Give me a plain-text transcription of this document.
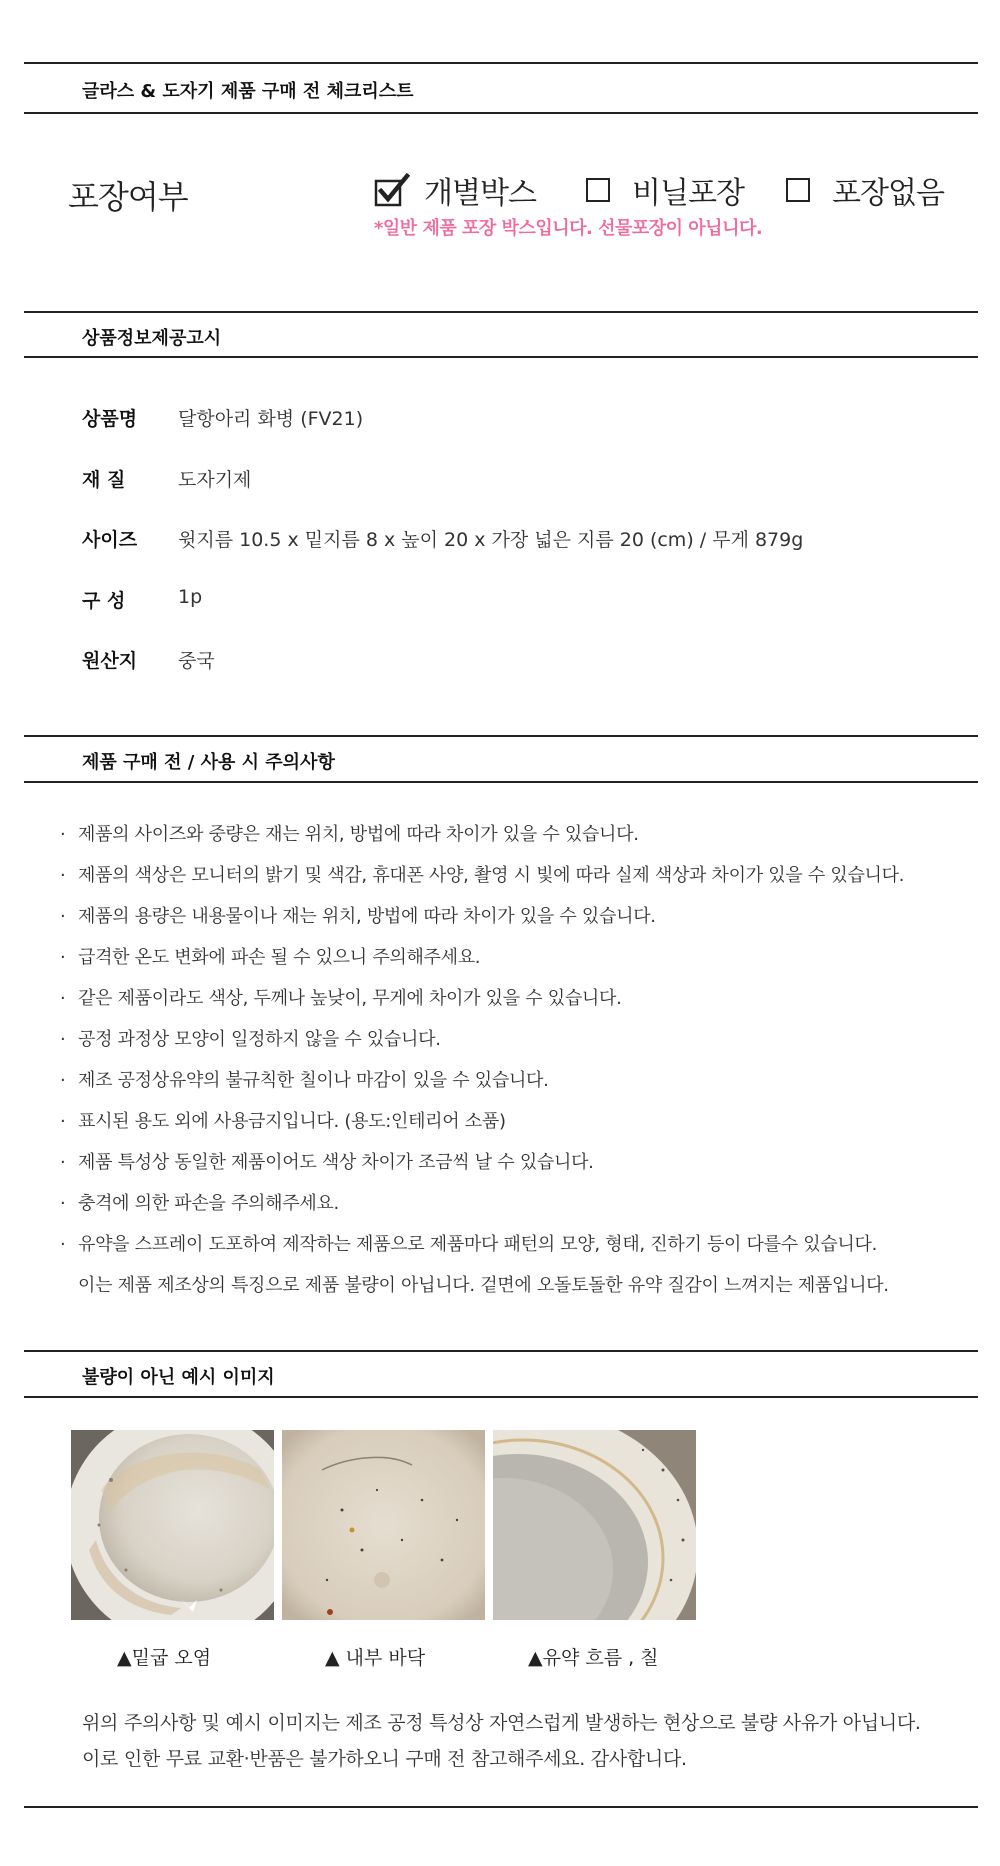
글라스 & 도자기 제품 구매 전 체크리스트
포장여부	개별박스	비닐포장	포장없음
*일반 제품 포장 박스입니다. 선물포장이 아닙니다.
상품정보제공고시
상품명	달항아리 화병 (FV21)
재 질	도자기제
사이즈	윗지름 10.5 x 밑지름 8 x 높이 20 x 가장 넓은 지름 20 (cm) / 무게 879g
구 성	1p
원산지	중국
제품 구매 전 / 사용 시 주의사항
· 제품의 사이즈와 중량은 재는 위치, 방법에 따라 차이가 있을 수 있습니다.
· 제품의 색상은 모니터의 밝기 및 색감, 휴대폰 사양, 촬영 시 빛에 따라 실제 색상과 차이가 있을 수 있습니다.
· 제품의 용량은 내용물이나 재는 위치, 방법에 따라 차이가 있을 수 있습니다.
· 급격한 온도 변화에 파손 될 수 있으니 주의해주세요.
· 같은 제품이라도 색상, 두께나 높낮이, 무게에 차이가 있을 수 있습니다.
· 공정 과정상 모양이 일정하지 않을 수 있습니다.
· 제조 공정상유약의 불규칙한 칠이나 마감이 있을 수 있습니다.
· 표시된 용도 외에 사용금지입니다. (용도:인테리어 소품)
· 제품 특성상 동일한 제품이어도 색상 차이가 조금씩 날 수 있습니다.
· 충격에 의한 파손을 주의해주세요.
· 유약을 스프레이 도포하여 제작하는 제품으로 제품마다 패턴의 모양, 형태, 진하기 등이 다를수 있습니다.
이는 제품 제조상의 특징으로 제품 불량이 아닙니다. 겉면에 오돌토돌한 유약 질감이 느껴지는 제품입니다.
불량이 아닌 예시 이미지
▲밑굽 오염	▲ 내부 바닥	▲유약 흐름 , 칠
위의 주의사항 및 예시 이미지는 제조 공정 특성상 자연스럽게 발생하는 현상으로 불량 사유가 아닙니다.
이로 인한 무료 교환·반품은 불가하오니 구매 전 참고해주세요. 감사합니다.
